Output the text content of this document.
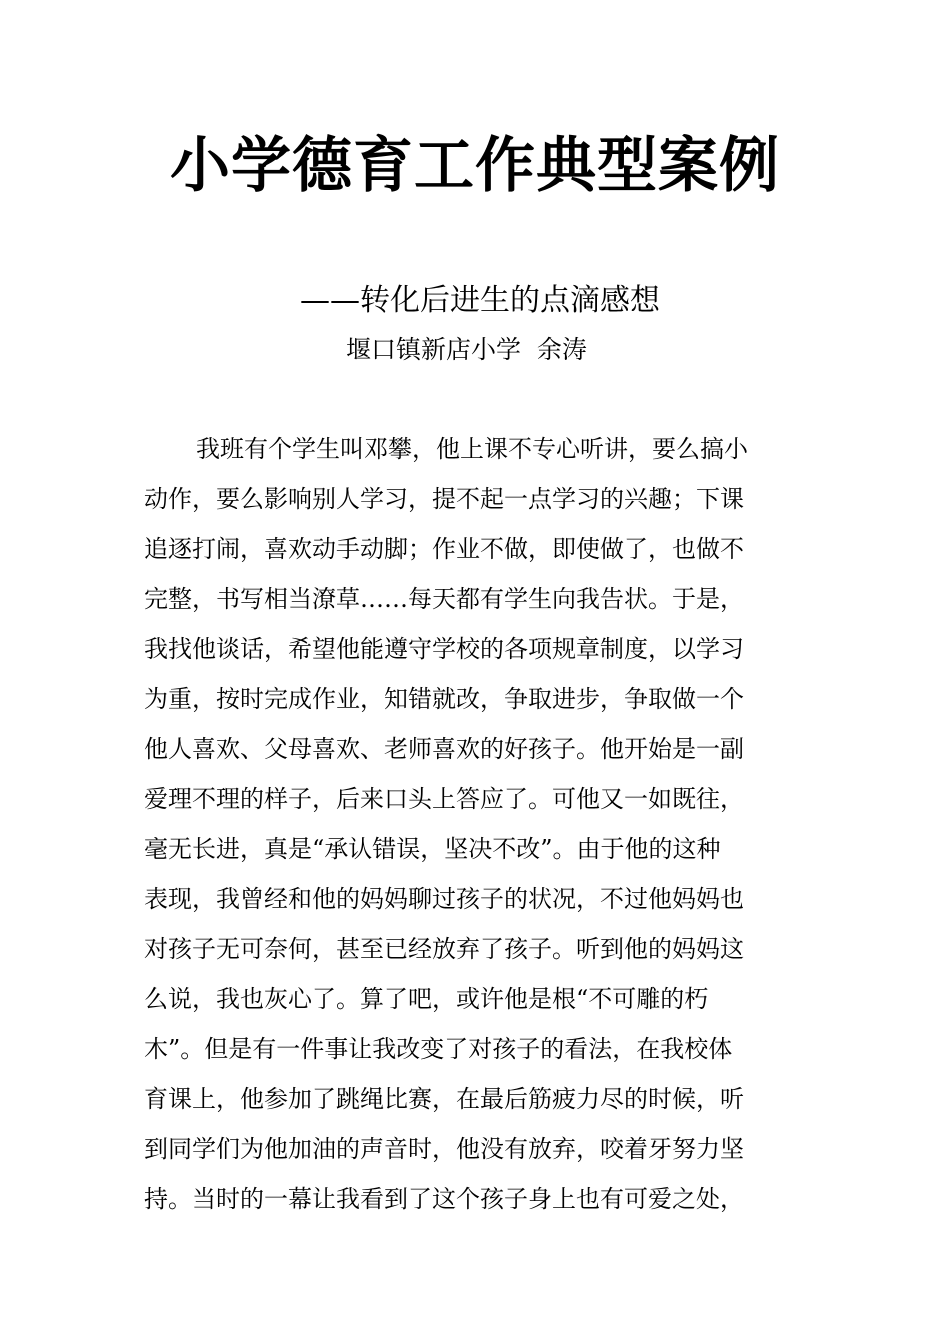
小学德育工作典型案例
——转化后进生的点滴感想
堰口镇新店小学  余涛
我班有个学生叫邓攀，他上课不专心听讲，要么搞小
动作，要么影响别人学习，提不起一点学习的兴趣；下课
追逐打闹，喜欢动手动脚；作业不做，即使做了，也做不
完整，书写相当潦草……每天都有学生向我告状。于是，
我找他谈话，希望他能遵守学校的各项规章制度，以学习
为重，按时完成作业，知错就改，争取进步，争取做一个
他人喜欢、父母喜欢、老师喜欢的好孩子。他开始是一副
爱理不理的样子，后来口头上答应了。可他又一如既往，
毫无长进，真是“承认错误，坚决不改”。由于他的这种
表现，我曾经和他的妈妈聊过孩子的状况，不过他妈妈也
对孩子无可奈何，甚至已经放弃了孩子。听到他的妈妈这
么说，我也灰心了。算了吧，或许他是根“不可雕的朽
木”。但是有一件事让我改变了对孩子的看法，在我校体
育课上，他参加了跳绳比赛，在最后筋疲力尽的时候，听
到同学们为他加油的声音时，他没有放弃，咬着牙努力坚
持。当时的一幕让我看到了这个孩子身上也有可爱之处，
